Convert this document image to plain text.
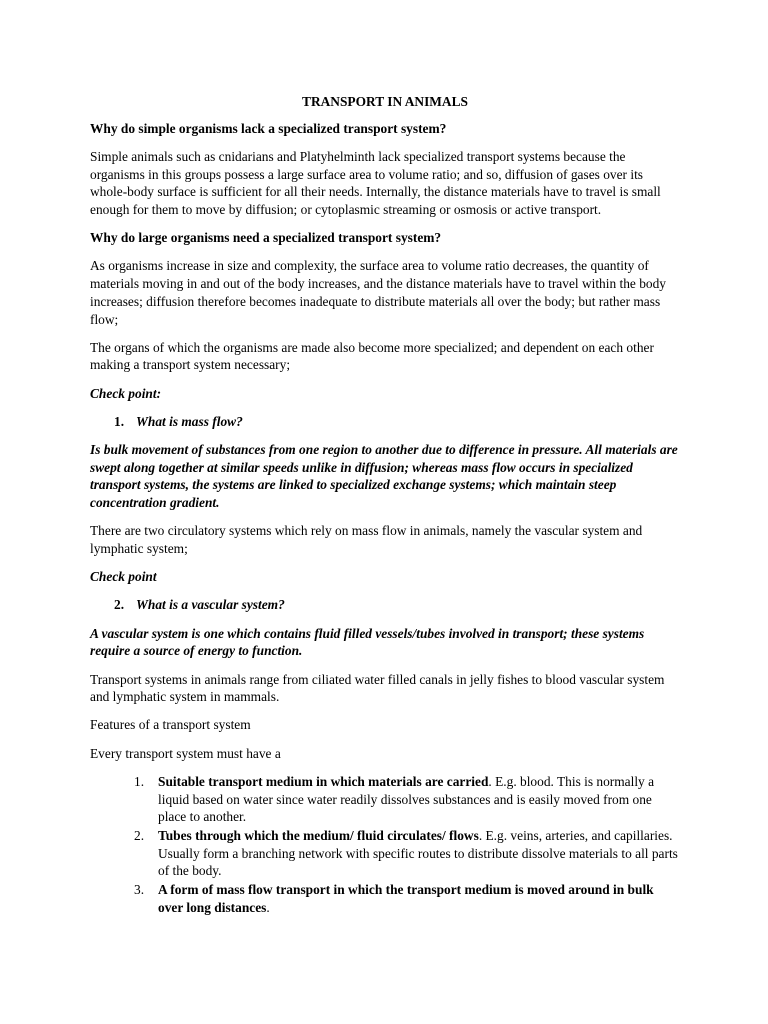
TRANSPORT IN ANIMALS

Why do simple organisms lack a specialized transport system?

Simple animals such as cnidarians and Platyhelminth lack specialized transport systems because the organisms in this groups possess a large surface area to volume ratio; and so, diffusion of gases over its whole-body surface is sufficient for all their needs. Internally, the distance materials have to travel is small enough for them to move by diffusion; or cytoplasmic streaming or osmosis or active transport.

Why do large organisms need a specialized transport system?

As organisms increase in size and complexity, the surface area to volume ratio decreases, the quantity of materials moving in and out of the body increases, and the distance materials have to travel within the body increases; diffusion therefore becomes inadequate to distribute materials all over the body; but rather mass flow;

The organs of which the organisms are made also become more specialized; and dependent on each other making a transport system necessary;

Check point:

1. What is mass flow?

Is bulk movement of substances from one region to another due to difference in pressure. All materials are swept along together at similar speeds unlike in diffusion; whereas mass flow occurs in specialized transport systems, the systems are linked to specialized exchange systems; which maintain steep concentration gradient.

There are two circulatory systems which rely on mass flow in animals, namely the vascular system and lymphatic system;

Check point

2. What is a vascular system?

A vascular system is one which contains fluid filled vessels/tubes involved in transport; these systems require a source of energy to function.

Transport systems in animals range from ciliated water filled canals in jelly fishes to blood vascular system and lymphatic system in mammals.

Features of a transport system

Every transport system must have a

1. Suitable transport medium in which materials are carried. E.g. blood. This is normally a liquid based on water since water readily dissolves substances and is easily moved from one place to another.
2. Tubes through which the medium/ fluid circulates/ flows. E.g. veins, arteries, and capillaries. Usually form a branching network with specific routes to distribute dissolve materials to all parts of the body.
3. A form of mass flow transport in which the transport medium is moved around in bulk over long distances.
